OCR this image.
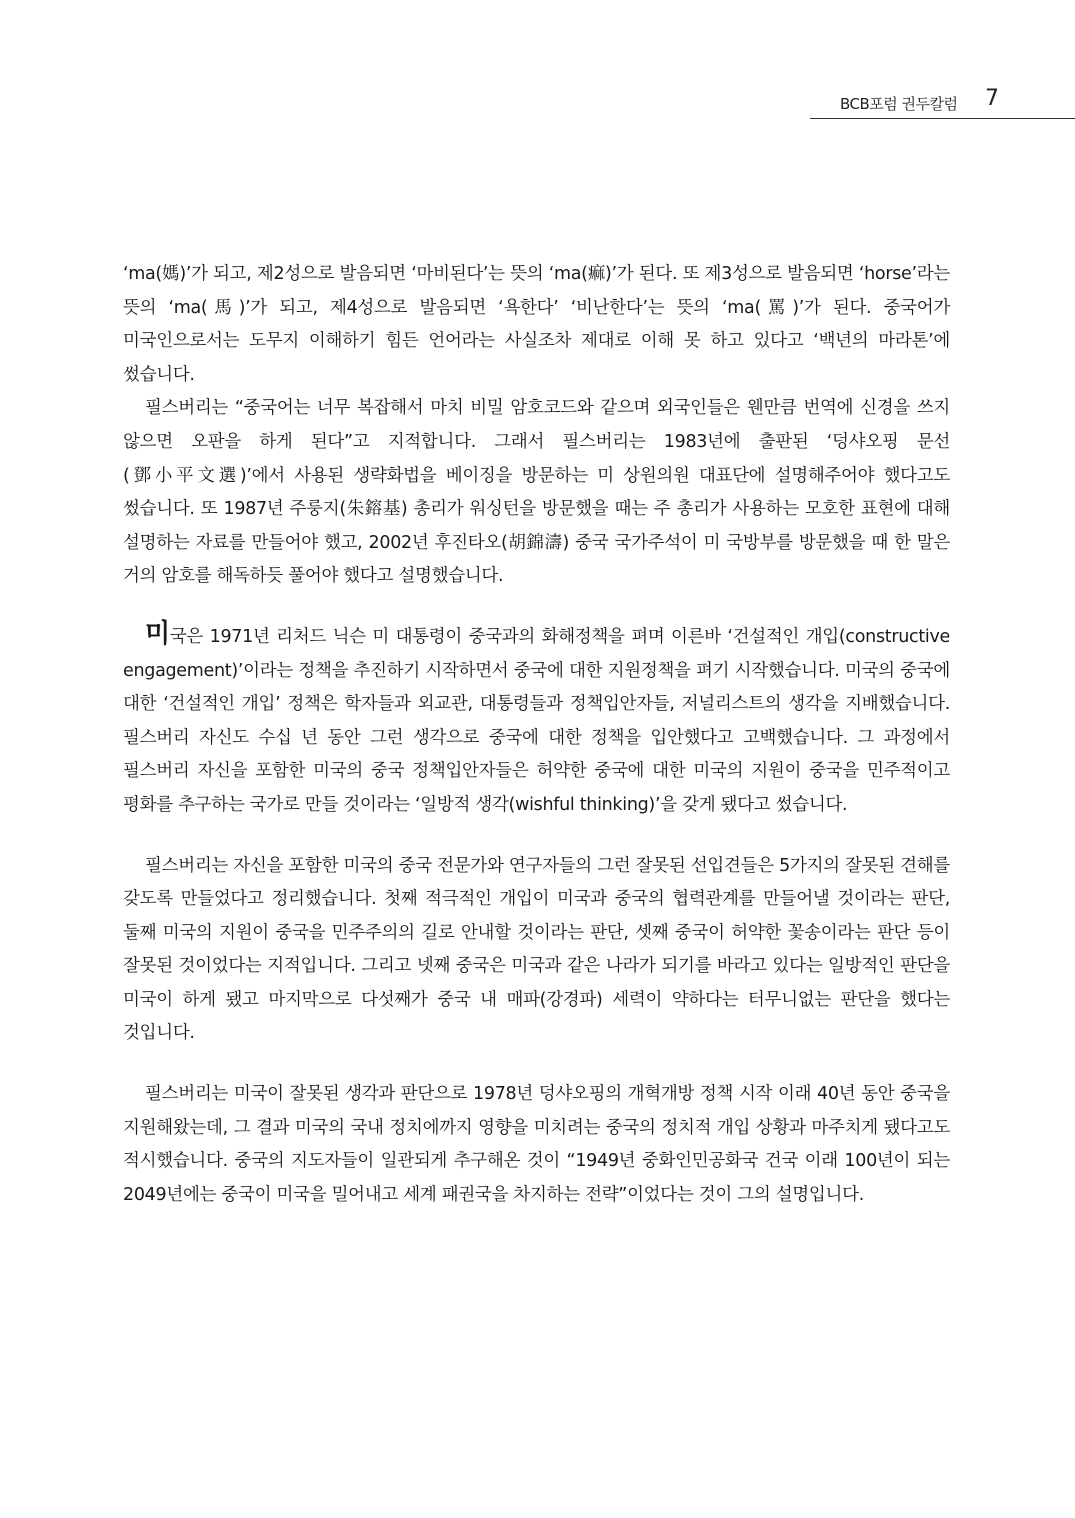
BCB포럼 권두칼럼 7

‘ma(媽)’가 되고, 제2성으로 발음되면 ‘마비된다’는 뜻의 ‘ma(痲)’가 된다. 또 제3성으로 발음되면 ‘horse’라는 뜻의 ‘ma(馬)’가 되고, 제4성으로 발음되면 ‘욕한다’ ‘비난한다’는 뜻의 ‘ma(罵)’가 된다. 중국어가 미국인으로서는 도무지 이해하기 힘든 언어라는 사실조차 제대로 이해 못 하고 있다고 ‘백년의 마라톤’에 썼습니다.

필스버리는 “중국어는 너무 복잡해서 마치 비밀 암호코드와 같으며 외국인들은 웬만큼 번역에 신경을 쓰지 않으면 오판을 하게 된다”고 지적합니다. 그래서 필스버리는 1983년에 출판된 ‘덩샤오핑 문선(鄧小平文選)’에서 사용된 생략화법을 베이징을 방문하는 미 상원의원 대표단에 설명해주어야 했다고도 썼습니다. 또 1987년 주룽지(朱鎔基) 총리가 워싱턴을 방문했을 때는 주 총리가 사용하는 모호한 표현에 대해 설명하는 자료를 만들어야 했고, 2002년 후진타오(胡錦濤) 중국 국가주석이 미 국방부를 방문했을 때 한 말은 거의 암호를 해독하듯 풀어야 했다고 설명했습니다.

미국은 1971년 리처드 닉슨 미 대통령이 중국과의 화해정책을 펴며 이른바 ‘건설적인 개입(constructive engagement)’이라는 정책을 추진하기 시작하면서 중국에 대한 지원정책을 펴기 시작했습니다. 미국의 중국에 대한 ‘건설적인 개입’ 정책은 학자들과 외교관, 대통령들과 정책입안자들, 저널리스트의 생각을 지배했습니다. 필스버리 자신도 수십 년 동안 그런 생각으로 중국에 대한 정책을 입안했다고 고백했습니다. 그 과정에서 필스버리 자신을 포함한 미국의 중국 정책입안자들은 허약한 중국에 대한 미국의 지원이 중국을 민주적이고 평화를 추구하는 국가로 만들 것이라는 ‘일방적 생각(wishful thinking)’을 갖게 됐다고 썼습니다.

필스버리는 자신을 포함한 미국의 중국 전문가와 연구자들의 그런 잘못된 선입견들은 5가지의 잘못된 견해를 갖도록 만들었다고 정리했습니다. 첫째 적극적인 개입이 미국과 중국의 협력관계를 만들어낼 것이라는 판단, 둘째 미국의 지원이 중국을 민주주의의 길로 안내할 것이라는 판단, 셋째 중국이 허약한 꽃송이라는 판단 등이 잘못된 것이었다는 지적입니다. 그리고 넷째 중국은 미국과 같은 나라가 되기를 바라고 있다는 일방적인 판단을 미국이 하게 됐고 마지막으로 다섯째가 중국 내 매파(강경파) 세력이 약하다는 터무니없는 판단을 했다는 것입니다.

필스버리는 미국이 잘못된 생각과 판단으로 1978년 덩샤오핑의 개혁개방 정책 시작 이래 40년 동안 중국을 지원해왔는데, 그 결과 미국의 국내 정치에까지 영향을 미치려는 중국의 정치적 개입 상황과 마주치게 됐다고도 적시했습니다. 중국의 지도자들이 일관되게 추구해온 것이 “1949년 중화인민공화국 건국 이래 100년이 되는 2049년에는 중국이 미국을 밀어내고 세계 패권국을 차지하는 전략”이었다는 것이 그의 설명입니다.
